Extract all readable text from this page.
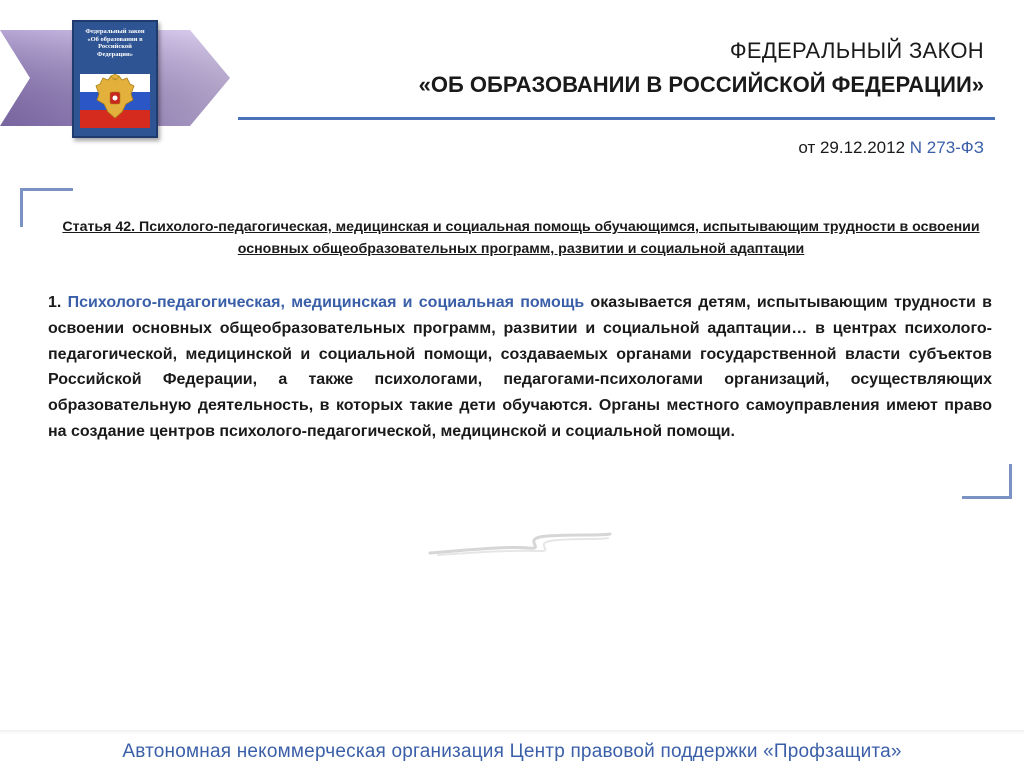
Федеральный закон «Об образовании в Российской Федерации»	ФЕДЕРАЛЬНЫЙ ЗАКОН
«ОБ ОБРАЗОВАНИИ В РОССИЙСКОЙ ФЕДЕРАЦИИ»
от 29.12.2012 N 273-ФЗ
Статья 42. Психолого-педагогическая, медицинская и социальная помощь обучающимся, испытывающим трудности в освоении основных общеобразовательных программ, развитии и социальной адаптации
1. Психолого-педагогическая, медицинская и социальная помощь оказывается детям, испытывающим трудности в освоении основных общеобразовательных программ, развитии и социальной адаптации… в центрах психолого-педагогической, медицинской и социальной помощи, создаваемых органами государственной власти субъектов Российской Федерации, а также психологами, педагогами-психологами организаций, осуществляющих образовательную деятельность, в которых такие дети обучаются. Органы местного самоуправления имеют право на создание центров психолого-педагогической, медицинской и социальной помощи.
Автономная некоммерческая организация Центр правовой поддержки «Профзащита»
